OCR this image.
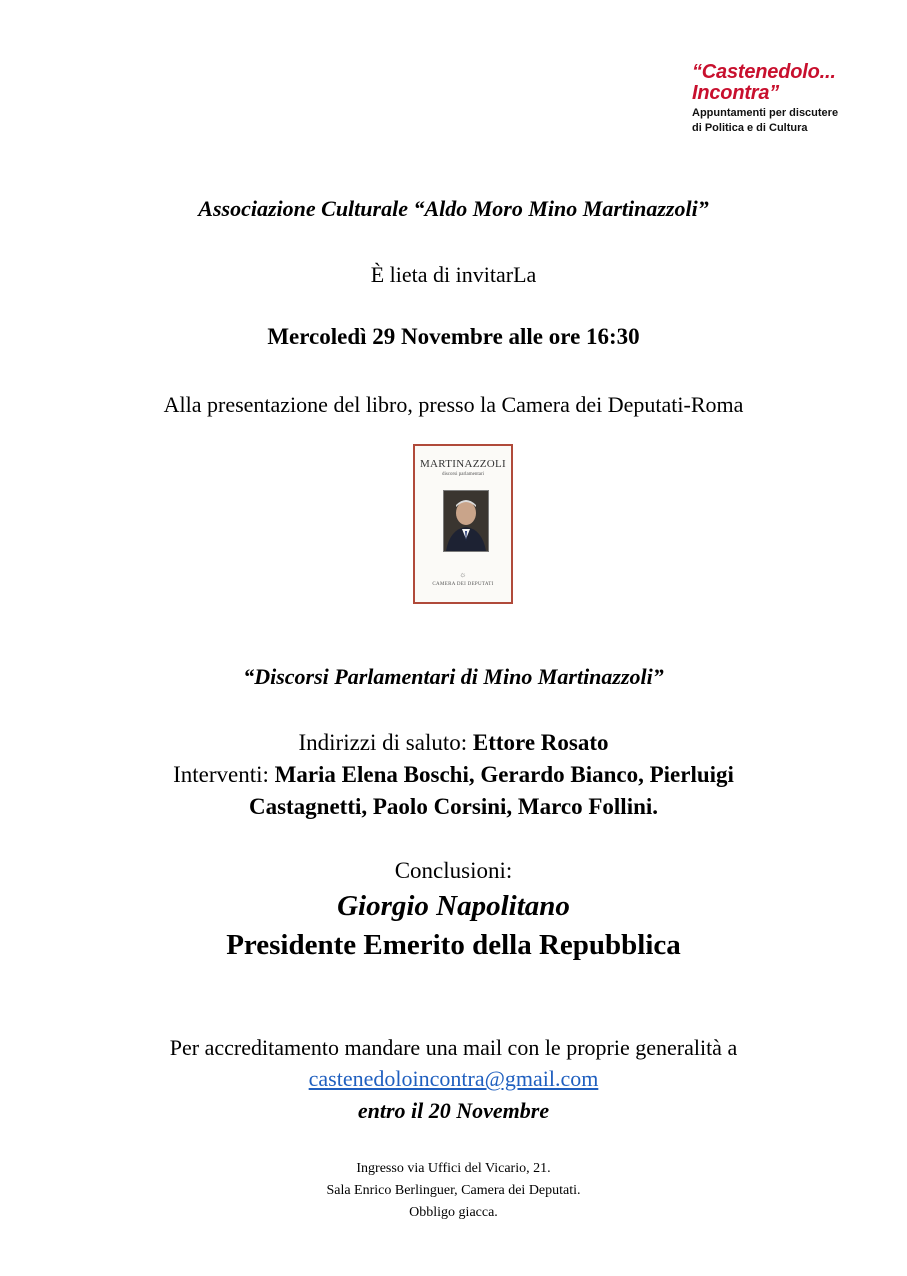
“Castenedolo...
Incontra”
Appuntamenti per discutere
di Politica e di Cultura
Associazione Culturale “Aldo Moro Mino Martinazzoli”
È lieta di invitarLa
Mercoledì 29 Novembre alle ore 16:30
Alla presentazione del libro, presso la Camera dei Deputati-Roma
MARTINAZZOLI
discorsi parlamentari
☼
CAMERA DEI DEPUTATI
“Discorsi Parlamentari di Mino Martinazzoli”
Indirizzi di saluto: Ettore Rosato
Interventi: Maria Elena Boschi, Gerardo Bianco, Pierluigi
Castagnetti, Paolo Corsini, Marco Follini.
Conclusioni:
Giorgio Napolitano
Presidente Emerito della Repubblica
Per accreditamento mandare una mail con le proprie generalità a
castenedoloincontra@gmail.com
entro il 20 Novembre
Ingresso via Uffici del Vicario, 21.
Sala Enrico Berlinguer, Camera dei Deputati.
Obbligo giacca.
